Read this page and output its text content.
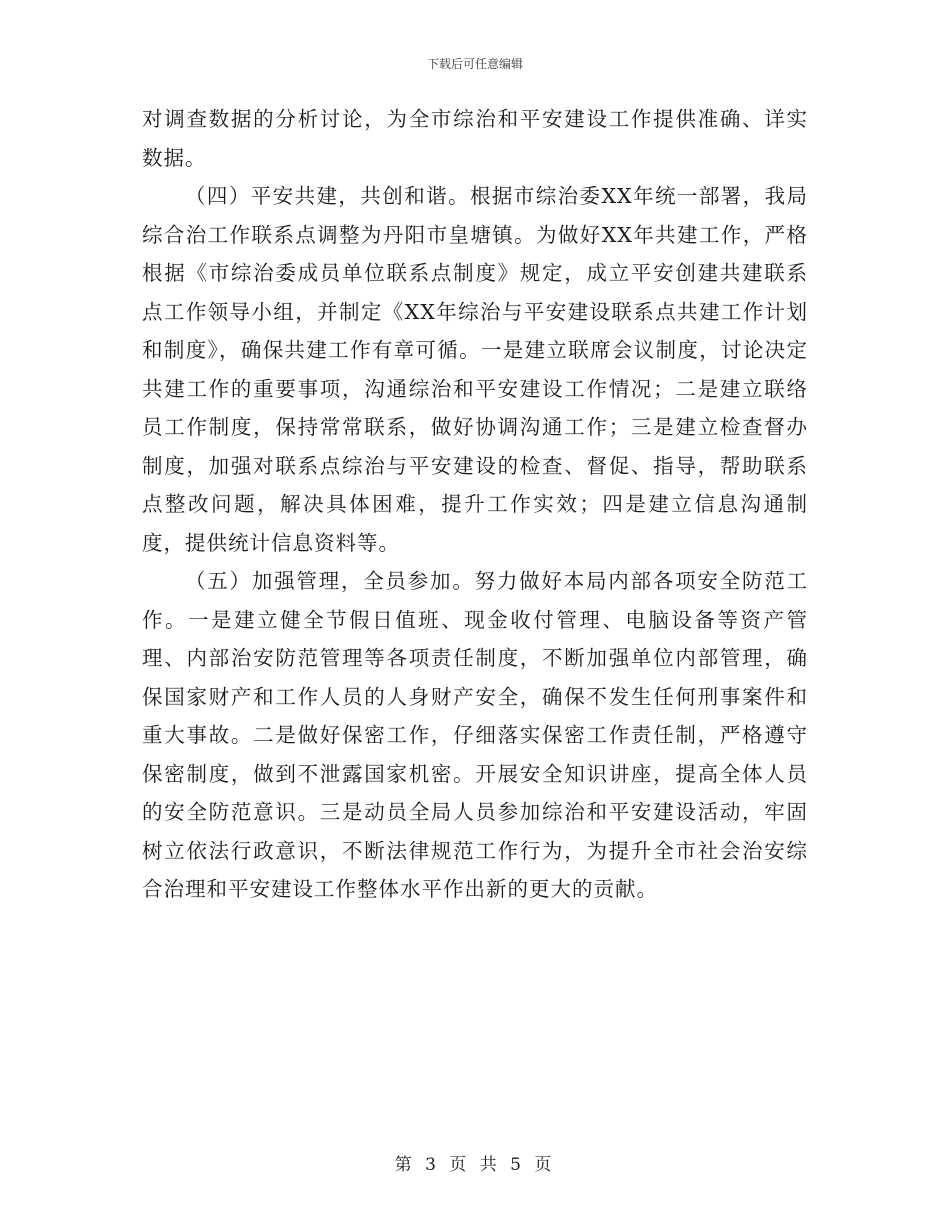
下载后可任意编辑

对调查数据的分析讨论，为全市综治和平安建设工作提供准确、详实数据。

（四）平安共建，共创和谐。根据市综治委XX年统一部署，我局综合治工作联系点调整为丹阳市皇塘镇。为做好XX年共建工作，严格根据《市综治委成员单位联系点制度》规定，成立平安创建共建联系点工作领导小组，并制定《XX年综治与平安建设联系点共建工作计划和制度》，确保共建工作有章可循。一是建立联席会议制度，讨论决定共建工作的重要事项，沟通综治和平安建设工作情况；二是建立联络员工作制度，保持常常联系，做好协调沟通工作；三是建立检查督办制度，加强对联系点综治与平安建设的检查、督促、指导，帮助联系点整改问题，解决具体困难，提升工作实效；四是建立信息沟通制度，提供统计信息资料等。

（五）加强管理，全员参加。努力做好本局内部各项安全防范工作。一是建立健全节假日值班、现金收付管理、电脑设备等资产管理、内部治安防范管理等各项责任制度，不断加强单位内部管理，确保国家财产和工作人员的人身财产安全，确保不发生任何刑事案件和重大事故。二是做好保密工作，仔细落实保密工作责任制，严格遵守保密制度，做到不泄露国家机密。开展安全知识讲座，提高全体人员的安全防范意识。三是动员全局人员参加综治和平安建设活动，牢固树立依法行政意识，不断法律规范工作行为，为提升全市社会治安综合治理和平安建设工作整体水平作出新的更大的贡献。

第 3 页 共 5 页
